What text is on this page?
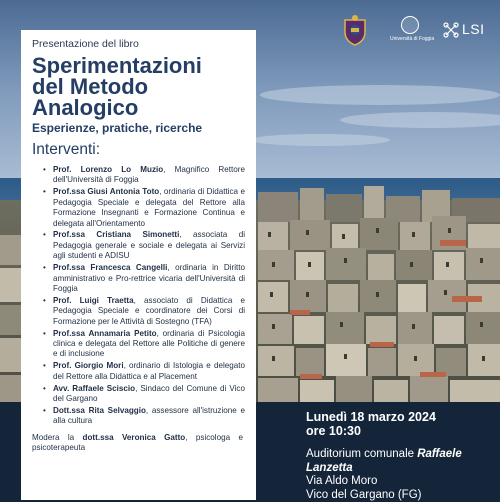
Università di Foggia
LSI

Presentazione del libro

Sperimentazioni
del Metodo
Analogico

Esperienze, pratiche, ricerche

Interventi:

• Prof. Lorenzo Lo Muzio, Magnifico Rettore dell'Università di Foggia
• Prof.ssa Giusi Antonia Toto, ordinaria di Didattica e Pedagogia Speciale e delegata del Rettore alla Formazione Insegnanti e Formazione Continua e delegata all'Orientamento
• Prof.ssa Cristiana Simonetti, associata di Pedagogia generale e sociale e delegata ai Servizi agli studenti e ADISU
• Prof.ssa Francesca Cangelli, ordinaria in Diritto amministrativo e Pro-rettrice vicaria dell'Università di Foggia
• Prof. Luigi Traetta, associato di Didattica e Pedagogia Speciale e coordinatore dei Corsi di Formazione per le Attività di Sostegno (TFA)
• Prof.ssa Annamaria Petito, ordinaria di Psicologia clinica e delegata del Rettore alle Politiche di genere e di inclusione
• Prof. Giorgio Mori, ordinario di Istologia e delegato del Rettore alla Didattica e al Placement
• Avv. Raffaele Sciscio, Sindaco del Comune di Vico del Gargano
• Dott.ssa Rita Selvaggio, assessore all'istruzione e alla cultura

Modera la dott.ssa Veronica Gatto, psicologa e psicoterapeuta

Lunedì 18 marzo 2024
ore 10:30
Auditorium comunale Raffaele Lanzetta
Via Aldo Moro
Vico del Gargano (FG)
